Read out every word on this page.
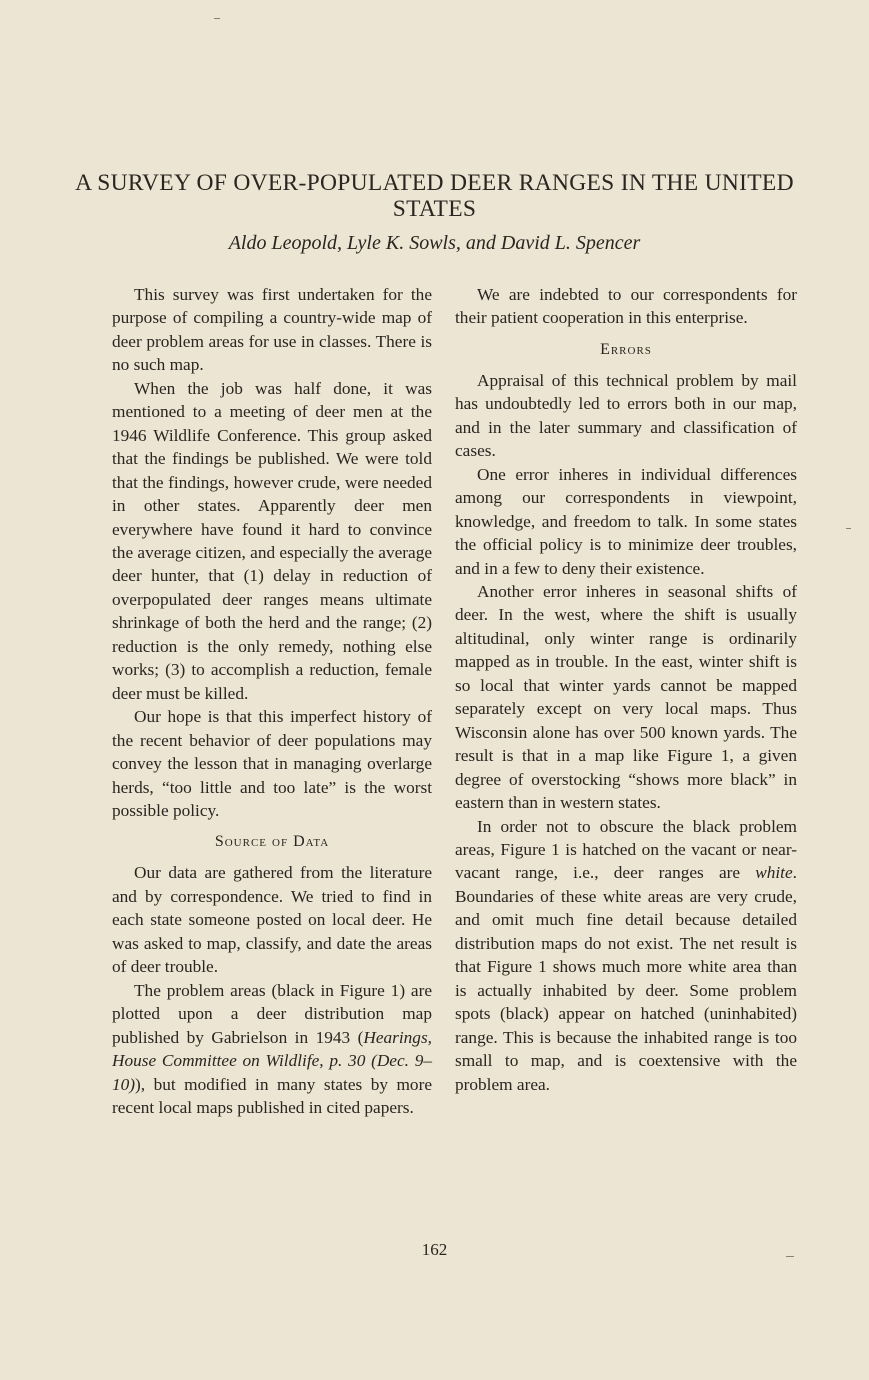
A SURVEY OF OVER-POPULATED DEER RANGES IN THE UNITED STATES

Aldo Leopold, Lyle K. Sowls, and David L. Spencer

This survey was first undertaken for the purpose of compiling a country-wide map of deer problem areas for use in classes. There is no such map.

When the job was half done, it was mentioned to a meeting of deer men at the 1946 Wildlife Conference. This group asked that the findings be published. We were told that the findings, however crude, were needed in other states. Apparently deer men everywhere have found it hard to convince the average citizen, and especially the average deer hunter, that (1) delay in reduction of overpopulated deer ranges means ultimate shrinkage of both the herd and the range; (2) reduction is the only remedy, nothing else works; (3) to accomplish a reduction, female deer must be killed.

Our hope is that this imperfect history of the recent behavior of deer populations may convey the lesson that in managing overlarge herds, “too little and too late” is the worst possible policy.

Source of Data

Our data are gathered from the literature and by correspondence. We tried to find in each state someone posted on local deer. He was asked to map, classify, and date the areas of deer trouble.

The problem areas (black in Figure 1) are plotted upon a deer distribution map published by Gabrielson in 1943 (Hearings, House Committee on Wildlife, p. 30 (Dec. 9–10)), but modified in many states by more recent local maps published in cited papers.

We are indebted to our correspondents for their patient cooperation in this enterprise.

Errors

Appraisal of this technical problem by mail has undoubtedly led to errors both in our map, and in the later summary and classification of cases.

One error inheres in individual differences among our correspondents in viewpoint, knowledge, and freedom to talk. In some states the official policy is to minimize deer troubles, and in a few to deny their existence.

Another error inheres in seasonal shifts of deer. In the west, where the shift is usually altitudinal, only winter range is ordinarily mapped as in trouble. In the east, winter shift is so local that winter yards cannot be mapped separately except on very local maps. Thus Wisconsin alone has over 500 known yards. The result is that in a map like Figure 1, a given degree of overstocking “shows more black” in eastern than in western states.

In order not to obscure the black problem areas, Figure 1 is hatched on the vacant or near-vacant range, i.e., deer ranges are white. Boundaries of these white areas are very crude, and omit much fine detail because detailed distribution maps do not exist. The net result is that Figure 1 shows much more white area than is actually inhabited by deer. Some problem spots (black) appear on hatched (uninhabited) range. This is because the inhabited range is too small to map, and is coextensive with the problem area.

162
